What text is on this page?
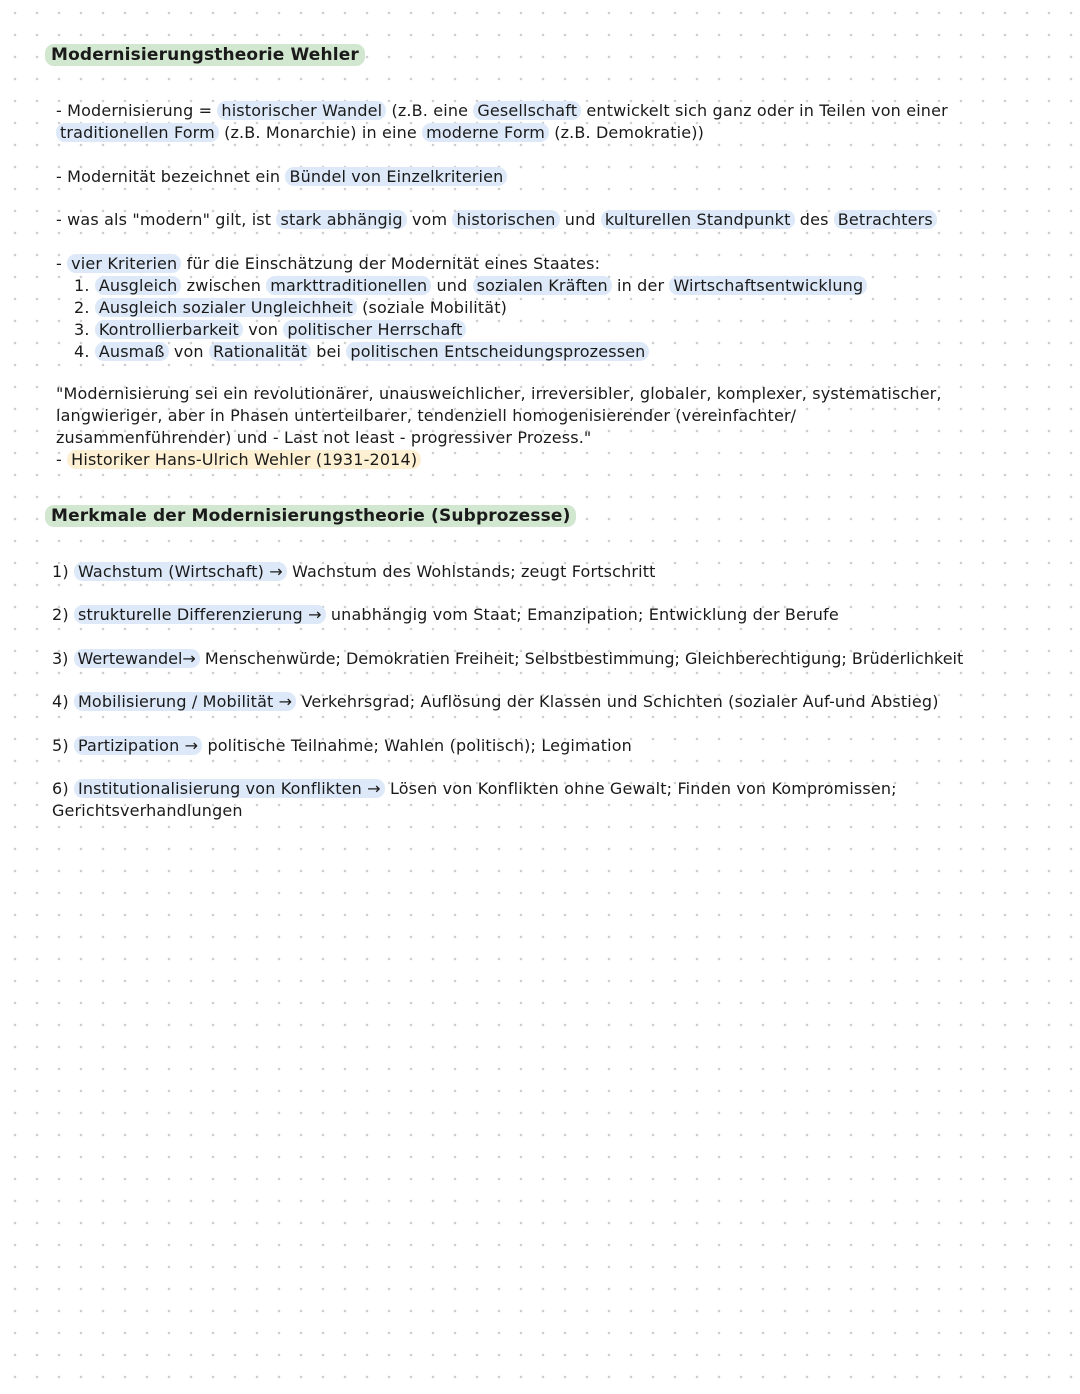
Modernisierungstheorie Wehler
- Modernisierung = historischer Wandel (z.B. eine Gesellschaft entwickelt sich ganz oder in Teilen von einer
traditionellen Form (z.B. Monarchie) in eine moderne Form (z.B. Demokratie))
- Modernität bezeichnet ein Bündel von Einzelkriterien
- was als "modern" gilt, ist stark abhängig vom historischen und kulturellen Standpunkt des Betrachters
- vier Kriterien für die Einschätzung der Modernität eines Staates:
1. Ausgleich zwischen markttraditionellen und sozialen Kräften in der Wirtschaftsentwicklung
2. Ausgleich sozialer Ungleichheit (soziale Mobilität)
3. Kontrollierbarkeit von politischer Herrschaft
4. Ausmaß von Rationalität bei politischen Entscheidungsprozessen
"Modernisierung sei ein revolutionärer, unausweichlicher, irreversibler, globaler, komplexer, systematischer,
langwieriger, aber in Phasen unterteilbarer, tendenziell homogenisierender (vereinfachter/
zusammenführender) und - Last not least - progressiver Prozess."
- Historiker Hans-Ulrich Wehler (1931-2014)
Merkmale der Modernisierungstheorie (Subprozesse)
1) Wachstum (Wirtschaft) → Wachstum des Wohlstands; zeugt Fortschritt
2) strukturelle Differenzierung → unabhängig vom Staat; Emanzipation; Entwicklung der Berufe
3) Wertewandel→ Menschenwürde; Demokratien Freiheit; Selbstbestimmung; Gleichberechtigung; Brüderlichkeit
4) Mobilisierung / Mobilität → Verkehrsgrad; Auflösung der Klassen und Schichten (sozialer Auf-und Abstieg)
5) Partizipation → politische Teilnahme; Wahlen (politisch); Legimation
6) Institutionalisierung von Konflikten → Lösen von Konflikten ohne Gewalt; Finden von Kompromissen;
Gerichtsverhandlungen
